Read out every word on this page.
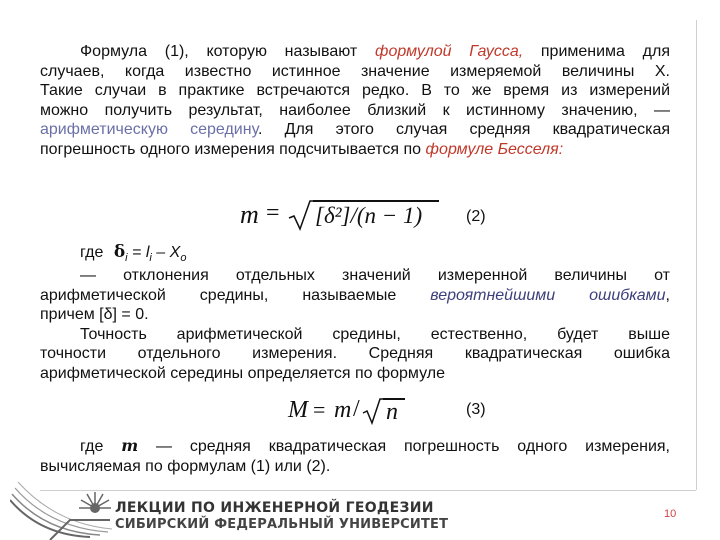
Формула (1), которую называют формулой Гаусса, применима для
случаев, когда известно истинное значение измеряемой величины X.
Такие случаи в практике встречаются редко. В то же время из измерений
можно получить результат, наиболее близкий к истинному значению, —
арифметическую середину. Для этого случая средняя квадратическая
погрешность одного измерения подсчитывается по формуле Бесселя:
m = [δ²]/(n − 1)	(2)
где $\delta_i = l_i - X_o$
— отклонения отдельных значений измеренной величины от
арифметической средины, называемые вероятнейшими ошибками,
причем [δ] = 0.
Точность арифметической средины, естественно, будет выше
точности отдельного измерения. Средняя квадратическая ошибка
арифметической середины определяется по формуле
M = m / n	(3)
где m — средняя квадратическая погрешность одного измерения,
вычисляемая по формулам (1) или (2).
ЛЕКЦИИ ПО ИНЖЕНЕРНОЙ ГЕОДЕЗИИ
СИБИРСКИЙ ФЕДЕРАЛЬНЫЙ УНИВЕРСИТЕТ
10
